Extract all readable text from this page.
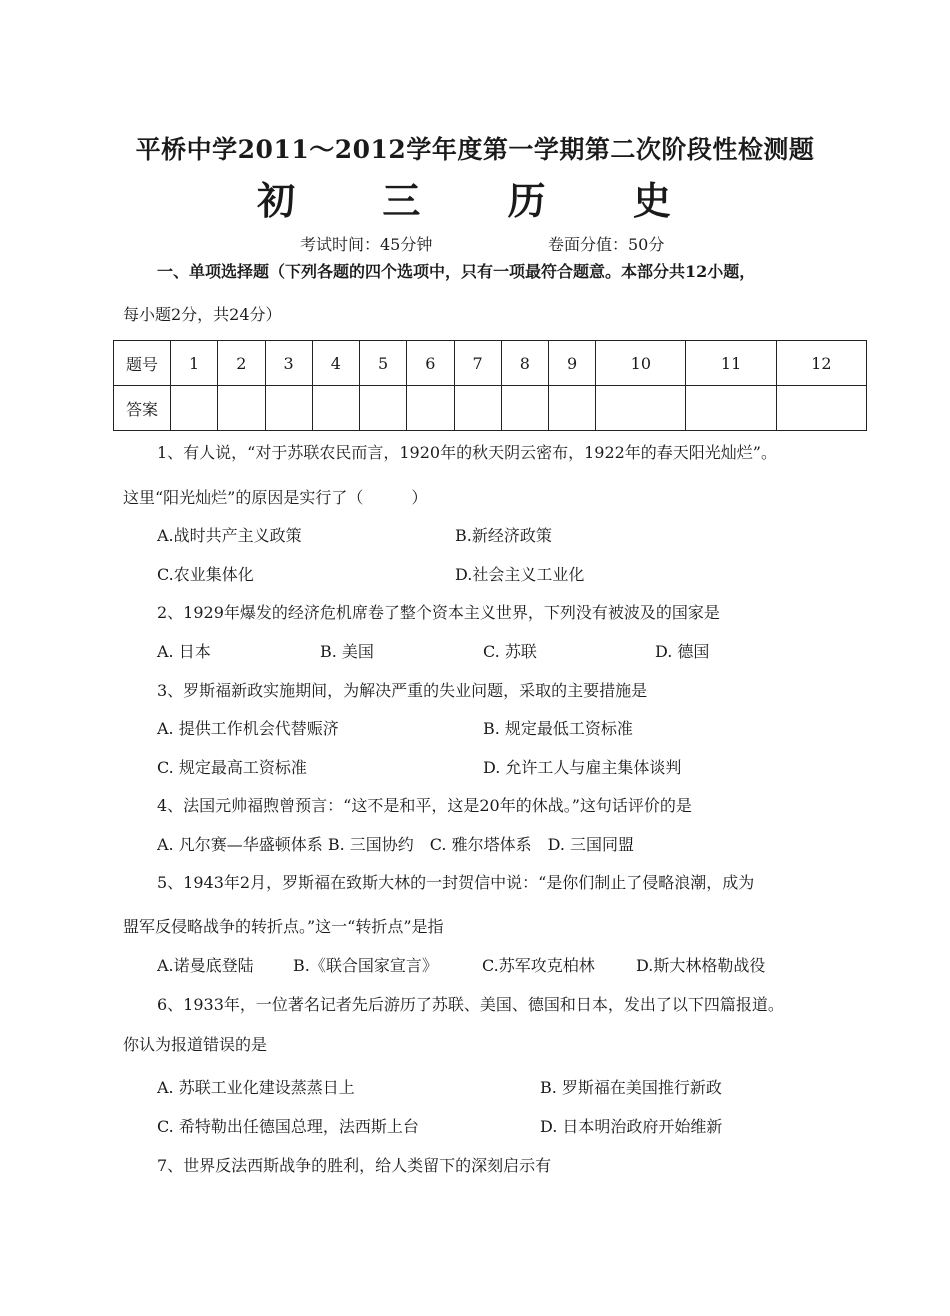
平桥中学2011～2012学年度第一学期第二次阶段性检测题
初 三 历 史
考试时间：45分钟	卷面分值：50分
一、单项选择题（下列各题的四个选项中，只有一项最符合题意。本部分共12小题，
每小题2分，共24分）
题号	1	2	3	4	5	6	7	8	9	10	11	12
答案												
1、有人说，“对于苏联农民而言，1920年的秋天阴云密布，1922年的春天阳光灿烂”。
这里“阳光灿烂”的原因是实行了（　　　）
A.战时共产主义政策	B.新经济政策
C.农业集体化	D.社会主义工业化
2、1929年爆发的经济危机席卷了整个资本主义世界，下列没有被波及的国家是
A. 日本	B. 美国	C. 苏联	D. 德国
3、罗斯福新政实施期间，为解决严重的失业问题，采取的主要措施是
A. 提供工作机会代替赈济	B. 规定最低工资标准
C. 规定最高工资标准	D. 允许工人与雇主集体谈判
4、法国元帅福煦曾预言：“这不是和平，这是20年的休战。”这句话评价的是
A. 凡尔赛—华盛顿体系 B. 三国协约　C. 雅尔塔体系　D. 三国同盟
5、1943年2月，罗斯福在致斯大林的一封贺信中说：“是你们制止了侵略浪潮，成为
盟军反侵略战争的转折点。”这一“转折点”是指
A.诺曼底登陆 B.《联合国家宣言》	C.苏军攻克柏林	D.斯大林格勒战役
6、1933年，一位著名记者先后游历了苏联、美国、德国和日本，发出了以下四篇报道。
你认为报道错误的是
A. 苏联工业化建设蒸蒸日上	B. 罗斯福在美国推行新政
C. 希特勒出任德国总理，法西斯上台	D. 日本明治政府开始维新
7、世界反法西斯战争的胜利，给人类留下的深刻启示有
